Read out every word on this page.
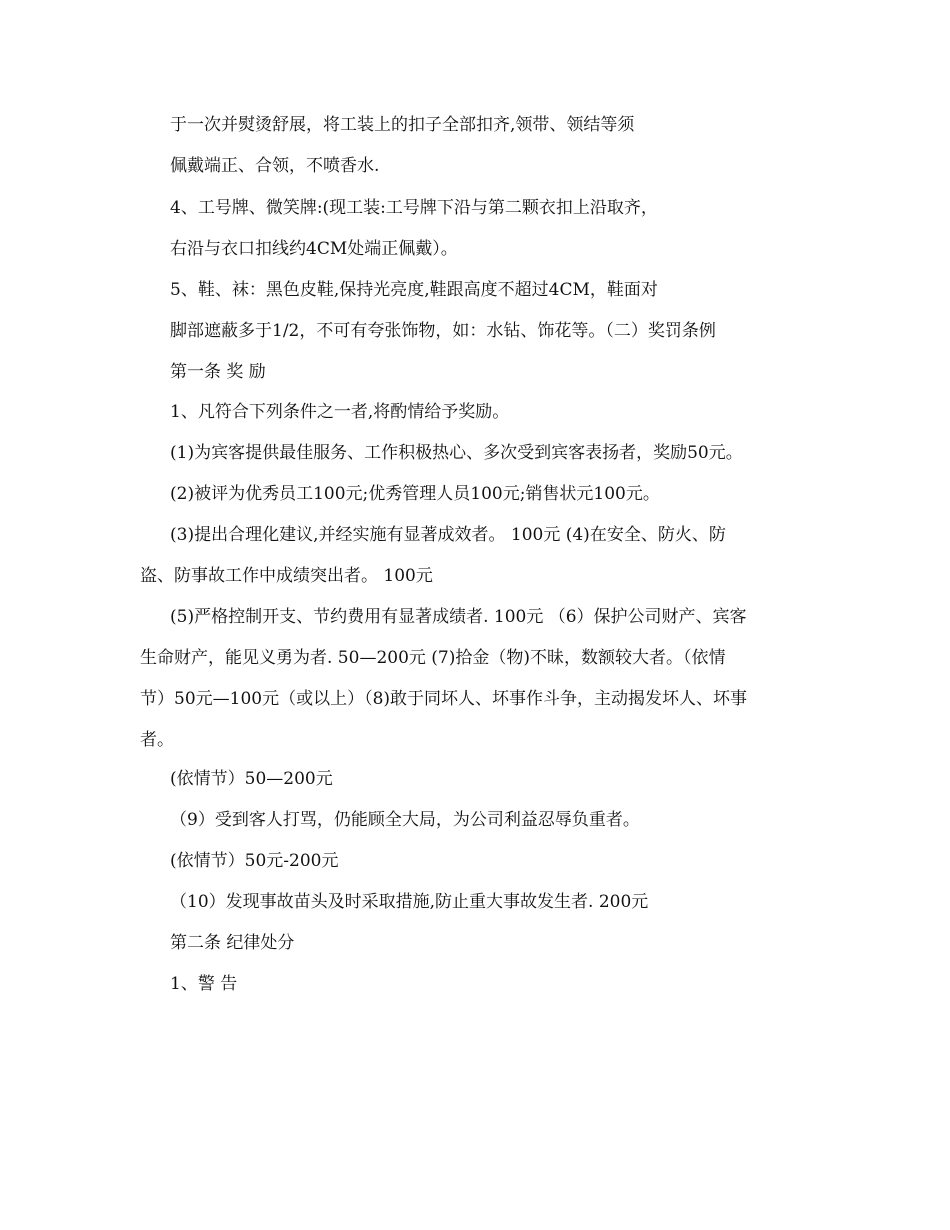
于一次并熨烫舒展，将工装上的扣子全部扣齐,领带、领结等须
佩戴端正、合领，不喷香水.
4、工号牌、微笑牌:(现工装:工号牌下沿与第二颗衣扣上沿取齐，
右沿与衣口扣线约4CM处端正佩戴）。
5、鞋、袜：黑色皮鞋,保持光亮度,鞋跟高度不超过4CM，鞋面对
脚部遮蔽多于1/2，不可有夸张饰物，如：水钻、饰花等。（二）奖罚条例
第一条 奖 励
1、凡符合下列条件之一者,将酌情给予奖励。
(1)为宾客提供最佳服务、工作积极热心、多次受到宾客表扬者，奖励50元。
(2)被评为优秀员工100元;优秀管理人员100元;销售状元100元。
(3)提出合理化建议,并经实施有显著成效者。 100元 (4)在安全、防火、防
盗、防事故工作中成绩突出者。 100元
(5)严格控制开支、节约费用有显著成绩者. 100元 （6）保护公司财产、宾客
生命财产，能见义勇为者. 50—200元 (7)拾金（物)不昧，数额较大者。（依情
节）50元—100元（或以上）（8)敢于同坏人、坏事作斗争，主动揭发坏人、坏事
者。
(依情节）50—200元
（9）受到客人打骂，仍能顾全大局，为公司利益忍辱负重者。
(依情节）50元-200元
（10）发现事故苗头及时采取措施,防止重大事故发生者. 200元
第二条 纪律处分
1、警 告
